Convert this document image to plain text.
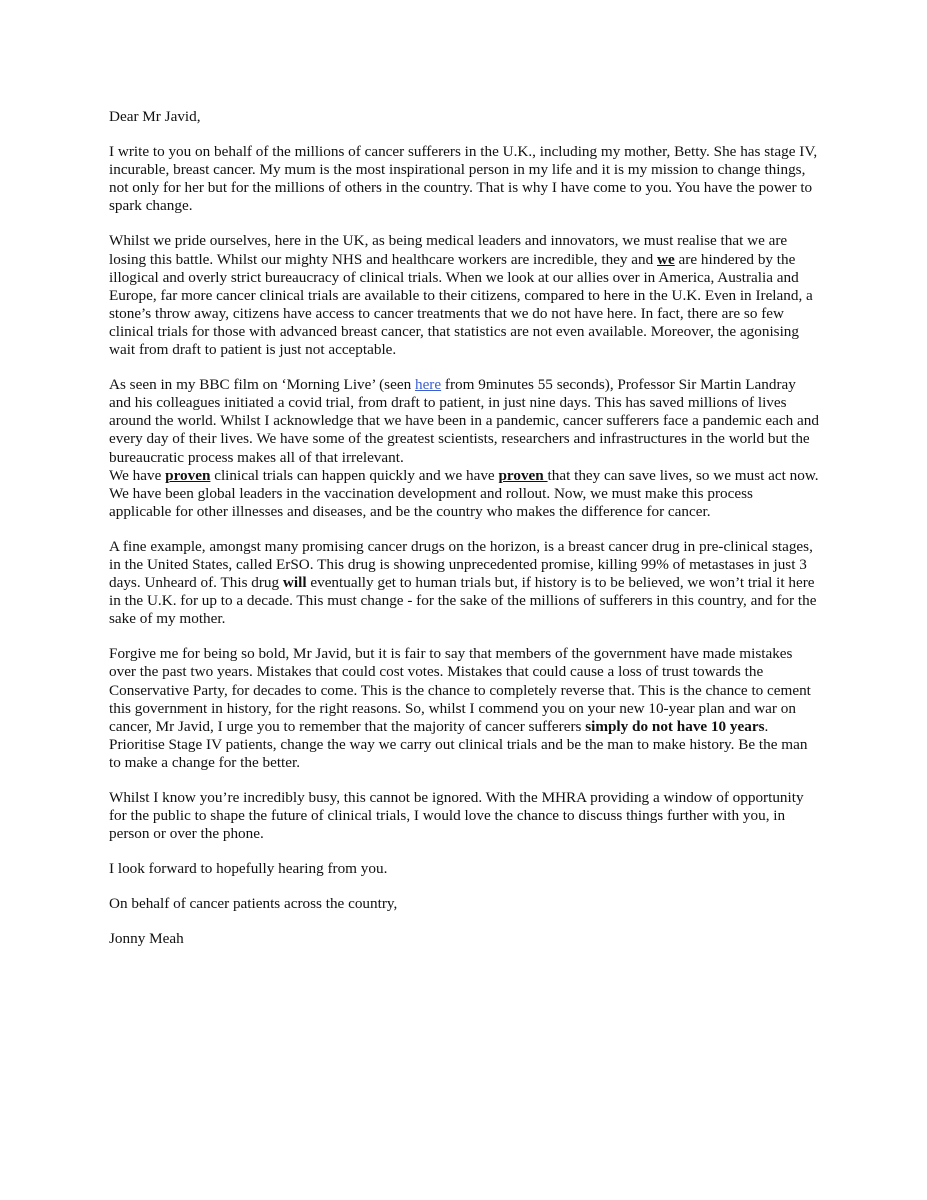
Dear Mr Javid,

I write to you on behalf of the millions of cancer sufferers in the U.K., including my mother, Betty. She has stage IV, incurable, breast cancer. My mum is the most inspirational person in my life and it is my mission to change things, not only for her but for the millions of others in the country. That is why I have come to you. You have the power to spark change.

Whilst we pride ourselves, here in the UK, as being medical leaders and innovators, we must realise that we are losing this battle. Whilst our mighty NHS and healthcare workers are incredible, they and we are hindered by the illogical and overly strict bureaucracy of clinical trials. When we look at our allies over in America, Australia and Europe, far more cancer clinical trials are available to their citizens, compared to here in the U.K. Even in Ireland, a stone’s throw away, citizens have access to cancer treatments that we do not have here. In fact, there are so few clinical trials for those with advanced breast cancer, that statistics are not even available. Moreover, the agonising wait from draft to patient is just not acceptable.

As seen in my BBC film on ‘Morning Live’ (seen here from 9minutes 55 seconds), Professor Sir Martin Landray and his colleagues initiated a covid trial, from draft to patient, in just nine days. This has saved millions of lives around the world. Whilst I acknowledge that we have been in a pandemic, cancer sufferers face a pandemic each and every day of their lives. We have some of the greatest scientists, researchers and infrastructures in the world but the bureaucratic process makes all of that irrelevant.

We have proven clinical trials can happen quickly and we have proven that they can save lives, so we must act now. We have been global leaders in the vaccination development and rollout. Now, we must make this process applicable for other illnesses and diseases, and be the country who makes the difference for cancer.

A fine example, amongst many promising cancer drugs on the horizon, is a breast cancer drug in pre-clinical stages, in the United States, called ErSO. This drug is showing unprecedented promise, killing 99% of metastases in just 3 days. Unheard of. This drug will eventually get to human trials but, if history is to be believed, we won’t trial it here in the U.K. for up to a decade. This must change - for the sake of the millions of sufferers in this country, and for the sake of my mother.

Forgive me for being so bold, Mr Javid, but it is fair to say that members of the government have made mistakes over the past two years. Mistakes that could cost votes. Mistakes that could cause a loss of trust towards the Conservative Party, for decades to come. This is the chance to completely reverse that. This is the chance to cement this government in history, for the right reasons. So, whilst I commend you on your new 10-year plan and war on cancer, Mr Javid, I urge you to remember that the majority of cancer sufferers simply do not have 10 years. Prioritise Stage IV patients, change the way we carry out clinical trials and be the man to make history. Be the man to make a change for the better.

Whilst I know you’re incredibly busy, this cannot be ignored. With the MHRA providing a window of opportunity for the public to shape the future of clinical trials, I would love the chance to discuss things further with you, in person or over the phone.

I look forward to hopefully hearing from you.

On behalf of cancer patients across the country,

Jonny Meah
